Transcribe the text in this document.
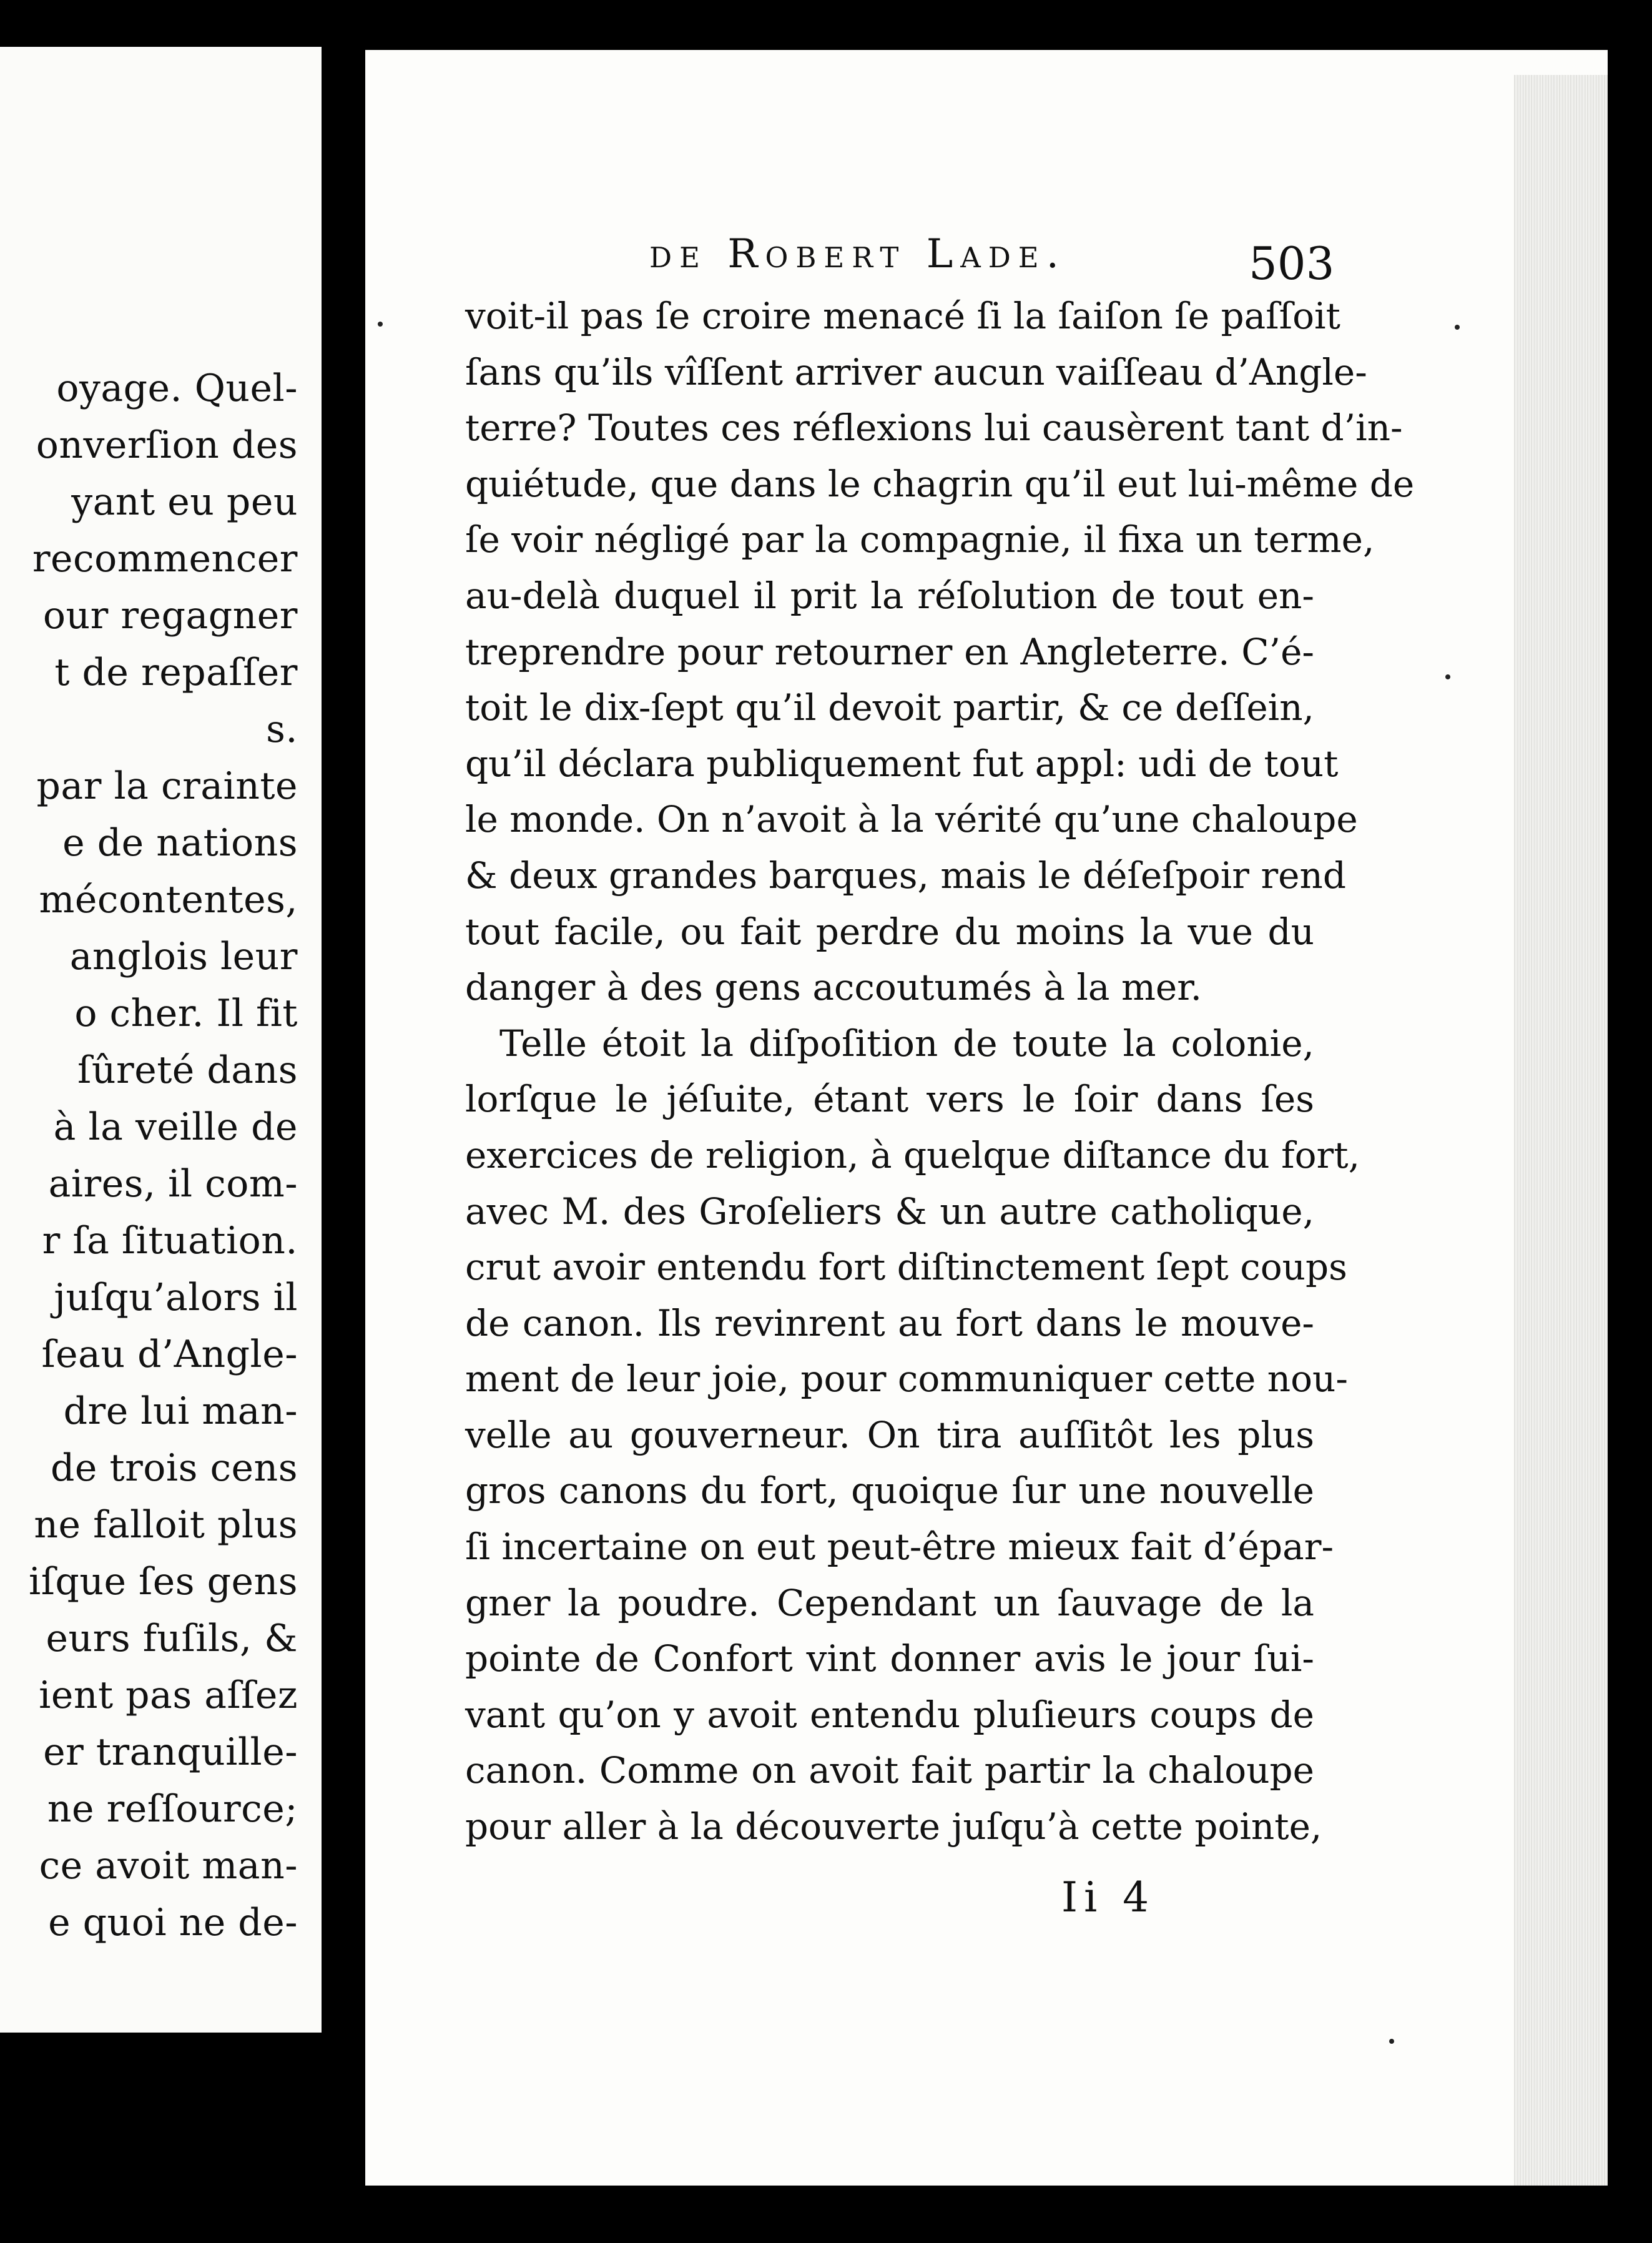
oyage. Quel-
onverſion des
yant eu peu
recommencer
our regagner
t de repaſſer
s.
par la crainte
e de nations
mécontentes,
anglois leur
o cher. Il fit
ſûreté dans
à la veille de
aires, il com-
r ſa ſituation.
juſqu’alors il
ſeau d’Angle-
dre lui man-
de trois cens
ne falloit plus
iſque ſes gens
eurs fuſils, &
ient pas aſſez
er tranquille-
ne reſſource;
ce avoit man-
e quoi ne de-
de Robert Lade.	503
voit-il pas ſe croire menacé ſi la ſaiſon ſe paſſoit
ſans qu’ils vîſſent arriver aucun vaiſſeau d’Angle-
terre? Toutes ces réflexions lui causèrent tant d’in-
quiétude, que dans le chagrin qu’il eut lui-même de
ſe voir négligé par la compagnie, il fixa un terme,
au-delà duquel il prit la réſolution de tout en-
treprendre pour retourner en Angleterre. C’é-
toit le dix-ſept qu’il devoit partir, & ce deſſein,
qu’il déclara publiquement fut appl: udi de tout
le monde. On n’avoit à la vérité qu’une chaloupe
& deux grandes barques, mais le déſeſpoir rend
tout facile, ou fait perdre du moins la vue du
danger à des gens accoutumés à la mer.
Telle étoit la diſpoſition de toute la colonie,
lorſque le jéſuite, étant vers le ſoir dans ſes
exercices de religion, à quelque diſtance du fort,
avec M. des Groſeliers & un autre catholique,
crut avoir entendu fort diſtinctement ſept coups
de canon. Ils revinrent au fort dans le mouve-
ment de leur joie, pour communiquer cette nou-
velle au gouverneur. On tira auſſitôt les plus
gros canons du fort, quoique ſur une nouvelle
ſi incertaine on eut peut-être mieux fait d’épar-
gner la poudre. Cependant un ſauvage de la
pointe de Confort vint donner avis le jour ſui-
vant qu’on y avoit entendu pluſieurs coups de
canon. Comme on avoit fait partir la chaloupe
pour aller à la découverte juſqu’à cette pointe,
Ii 4
